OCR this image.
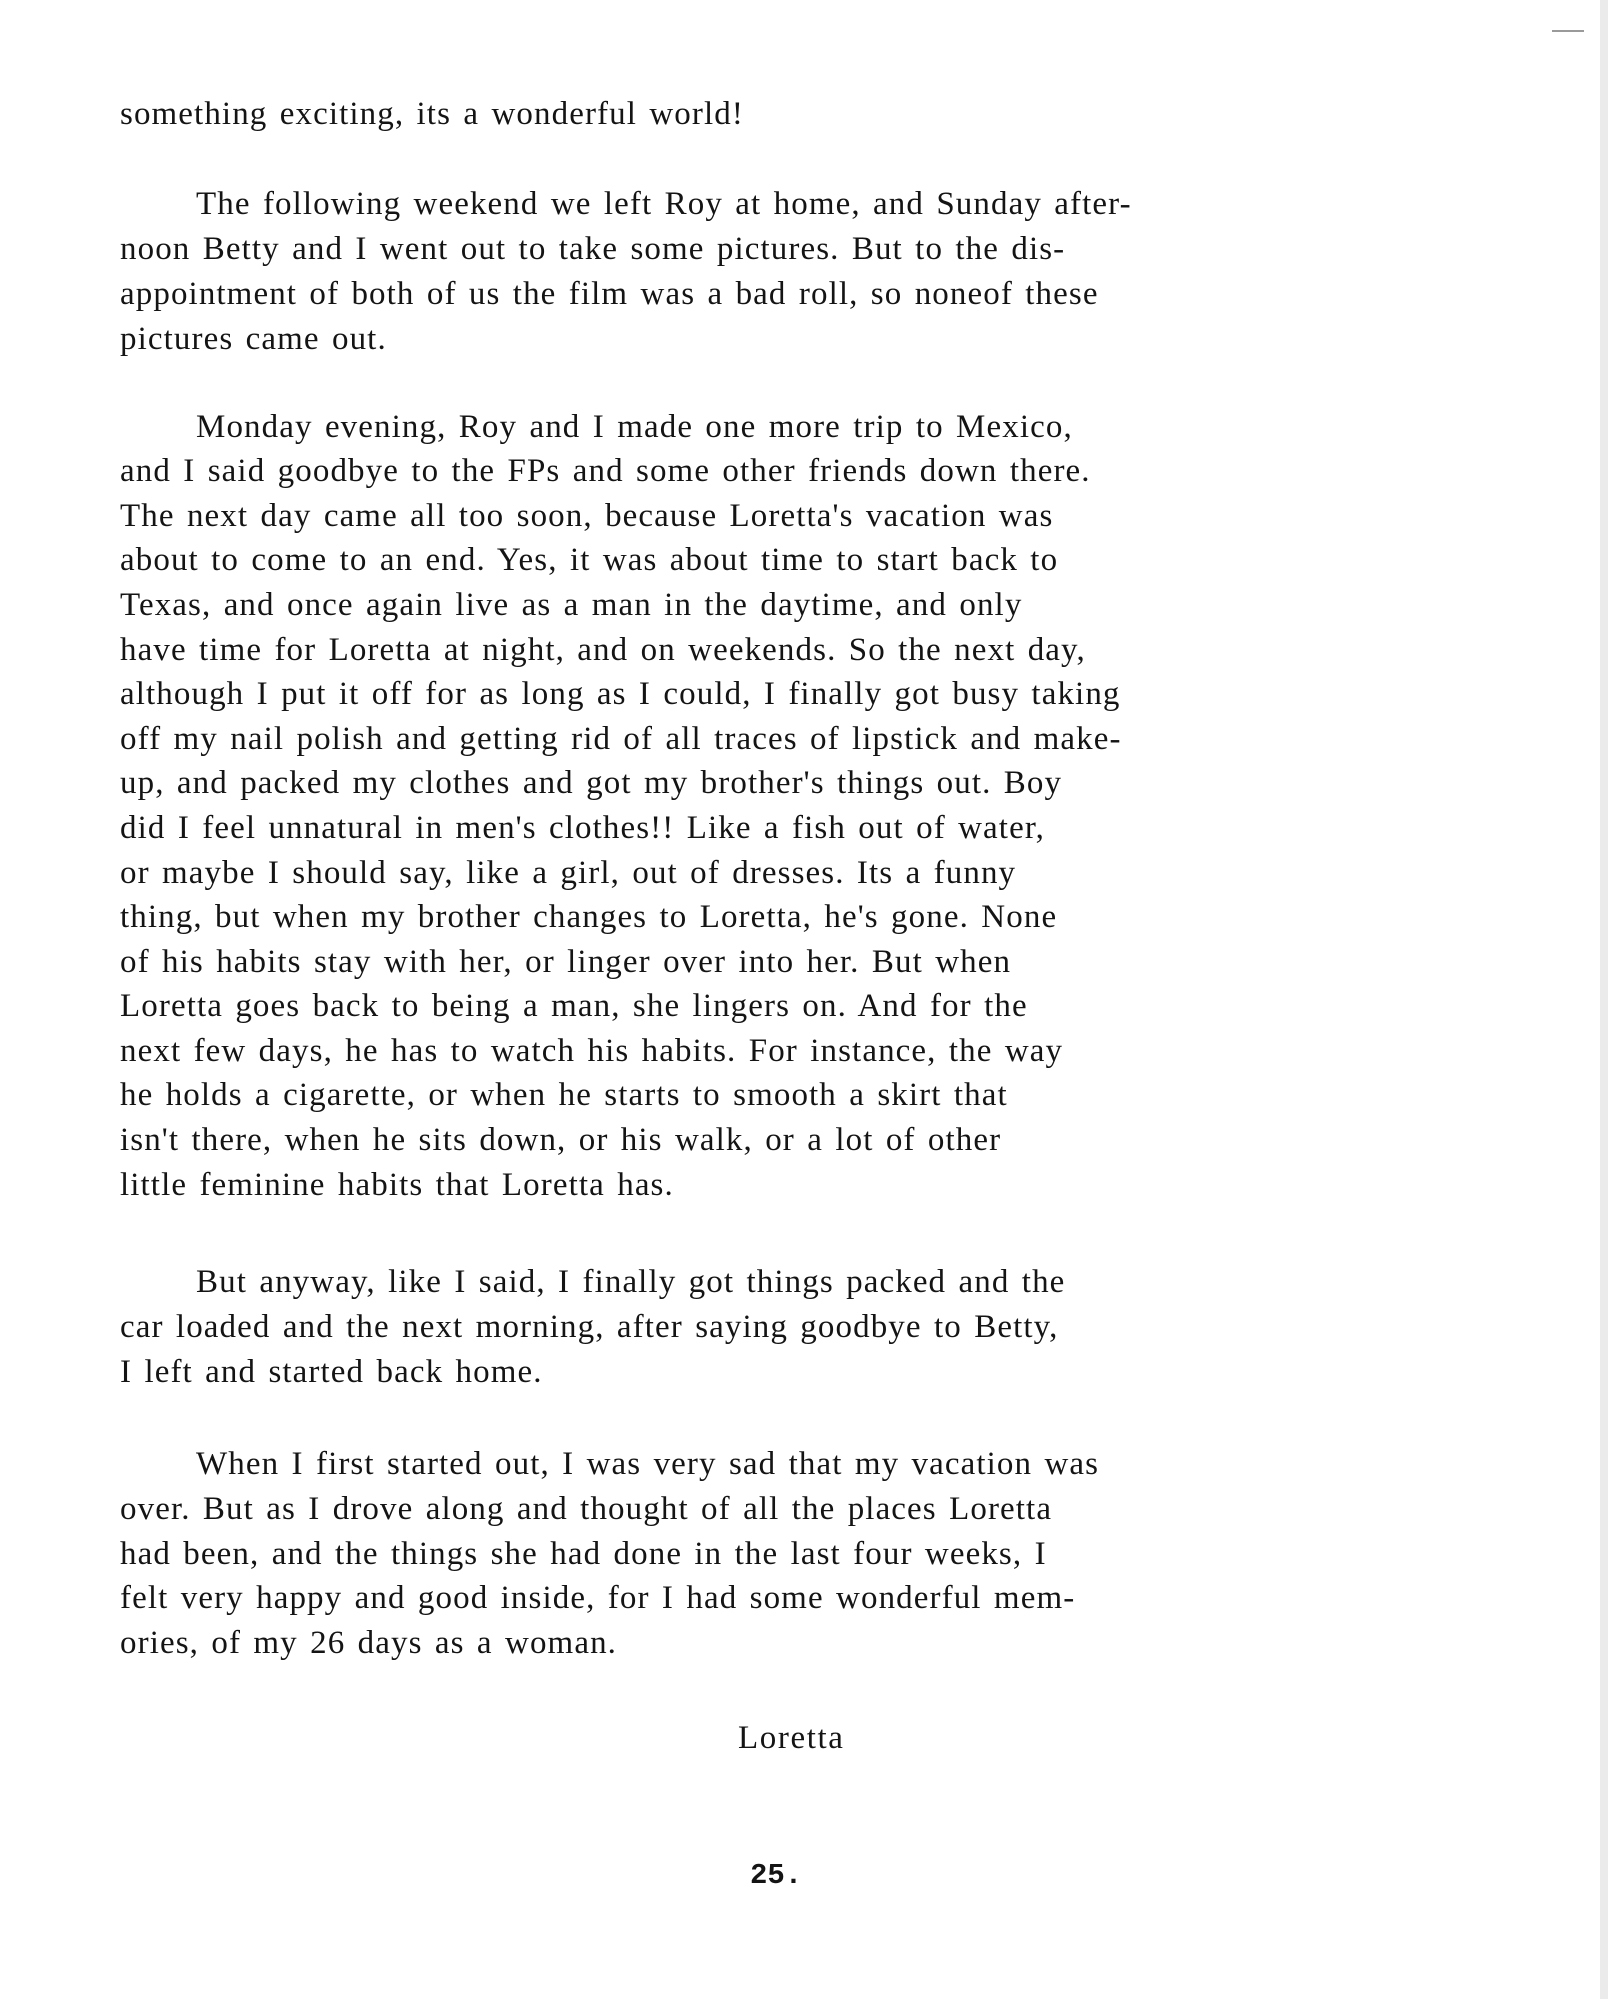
something exciting, its a wonderful world!
The following weekend we left Roy at home, and Sunday after-
noon Betty and I went out to take some pictures. But to the dis-
appointment of both of us the film was a bad roll, so noneof these
pictures came out.
Monday evening, Roy and I made one more trip to Mexico,
and I said goodbye to the FPs and some other friends down there.
The next day came all too soon, because Loretta's vacation was
about to come to an end. Yes, it was about time to start back to
Texas, and once again live as a man in the daytime, and only
have time for Loretta at night, and on weekends. So the next day,
although I put it off for as long as I could, I finally got busy taking
off my nail polish and getting rid of all traces of lipstick and make-
up, and packed my clothes and got my brother's things out. Boy
did I feel unnatural in men's clothes!! Like a fish out of water,
or maybe I should say, like a girl, out of dresses. Its a funny
thing, but when my brother changes to Loretta, he's gone. None
of his habits stay with her, or linger over into her. But when
Loretta goes back to being a man, she lingers on. And for the
next few days, he has to watch his habits. For instance, the way
he holds a cigarette, or when he starts to smooth a skirt that
isn't there, when he sits down, or his walk, or a lot of other
little feminine habits that Loretta has.
But anyway, like I said, I finally got things packed and the
car loaded and the next morning, after saying goodbye to Betty,
I left and started back home.
When I first started out, I was very sad that my vacation was
over. But as I drove along and thought of all the places Loretta
had been, and the things she had done in the last four weeks, I
felt very happy and good inside, for I had some wonderful mem-
ories, of my 26 days as a woman.
Loretta
25.
